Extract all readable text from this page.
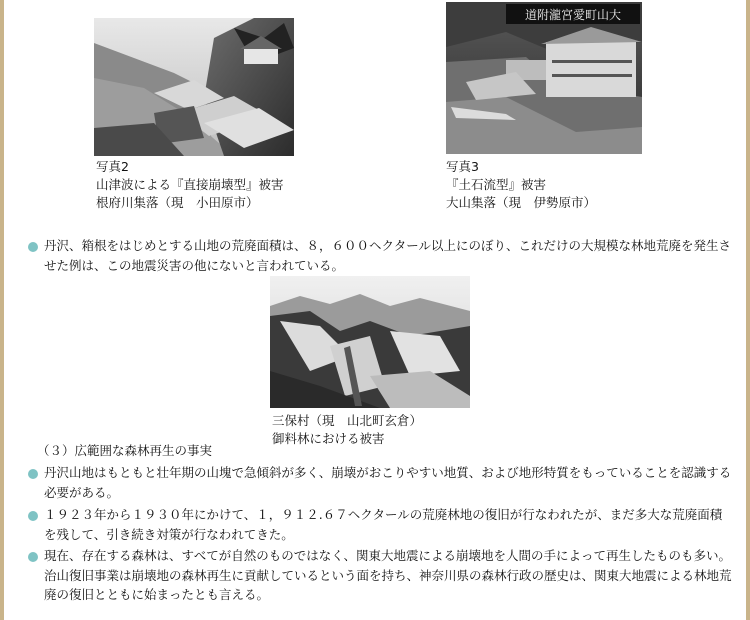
写真2
山津波による『直接崩壊型』被害
根府川集落（現　小田原市）
道附瀧宮愛町山大
写真3
『土石流型』被害
大山集落（現　伊勢原市）
丹沢、箱根をはじめとする山地の荒廃面積は、８，６００ヘクタール以上にのぼり、これだけの大規模な林地荒廃を発生させた例は、この地震災害の他にないと言われている。
三保村（現　山北町玄倉）
御料林における被害
（３）広範囲な森林再生の事実
丹沢山地はもともと壮年期の山塊で急傾斜が多く、崩壊がおこりやすい地質、および地形特質をもっていることを認識する必要がある。
１９２３年から１９３０年にかけて、１，９１２.６７ヘクタールの荒廃林地の復旧が行なわれたが、まだ多大な荒廃面積を残して、引き続き対策が行なわれてきた。
現在、存在する森林は、すべてが自然のものではなく、関東大地震による崩壊地を人間の手によって再生したものも多い。治山復旧事業は崩壊地の森林再生に貢献しているという面を持ち、神奈川県の森林行政の歴史は、関東大地震による林地荒廃の復旧とともに始まったとも言える。
